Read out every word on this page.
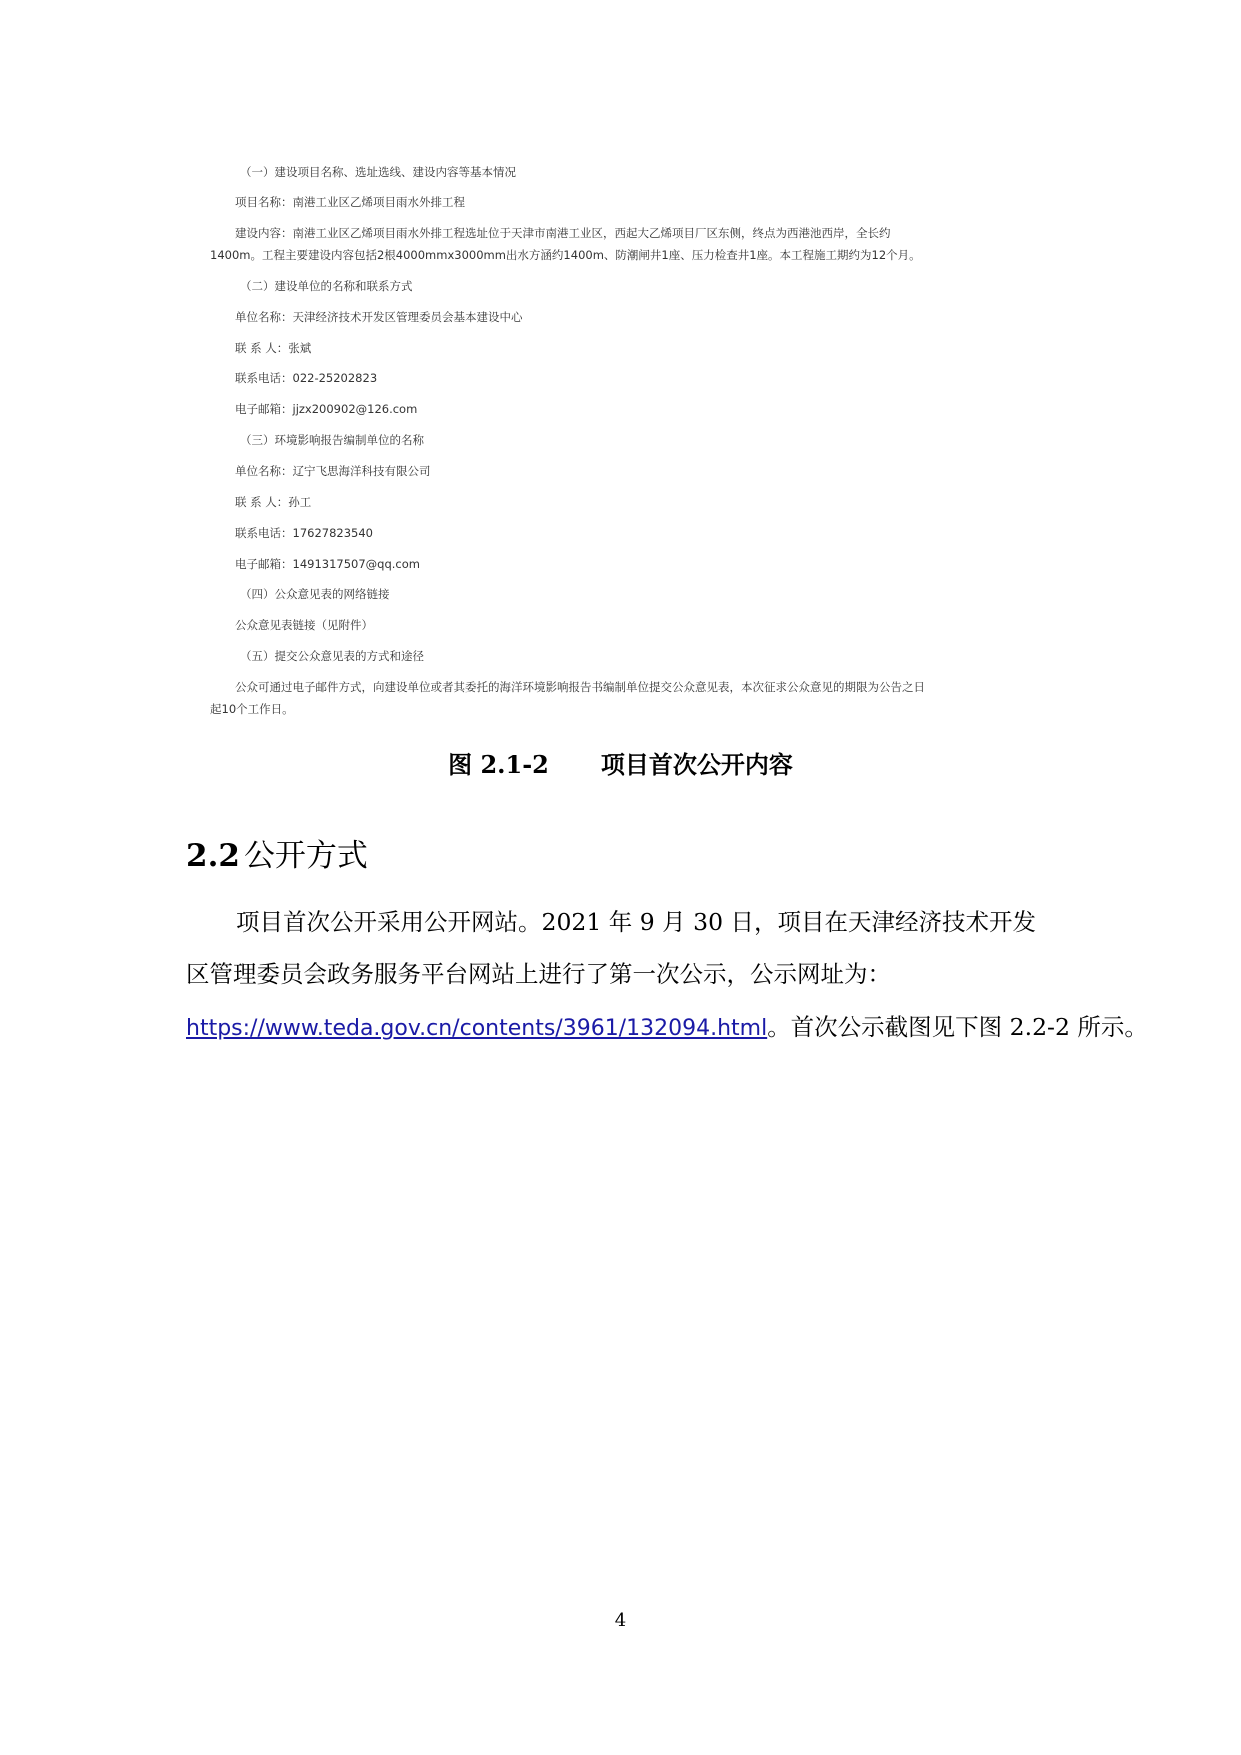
（一）建设项目名称、选址选线、建设内容等基本情况
项目名称：南港工业区乙烯项目雨水外排工程
建设内容：南港工业区乙烯项目雨水外排工程选址位于天津市南港工业区，西起大乙烯项目厂区东侧，终点为西港池西岸，全长约
1400m。工程主要建设内容包括2根4000mmx3000mm出水方涵约1400m、防潮闸井1座、压力检查井1座。本工程施工期约为12个月。
（二）建设单位的名称和联系方式
单位名称：天津经济技术开发区管理委员会基本建设中心
联 系 人：张斌
联系电话：022-25202823
电子邮箱：jjzx200902@126.com
（三）环境影响报告编制单位的名称
单位名称：辽宁飞思海洋科技有限公司
联 系 人：孙工
联系电话：17627823540
电子邮箱：1491317507@qq.com
（四）公众意见表的网络链接
公众意见表链接（见附件）
（五）提交公众意见表的方式和途径
公众可通过电子邮件方式，向建设单位或者其委托的海洋环境影响报告书编制单位提交公众意见表，本次征求公众意见的期限为公告之日
起10个工作日。
图 2.1-2 项目首次公开内容
2.2 公开方式
项目首次公开采用公开网站。2021 年 9 月 30 日，项目在天津经济技术开发
区管理委员会政务服务平台网站上进行了第一次公示，公示网址为：
https://www.teda.gov.cn/contents/3961/132094.html。首次公示截图见下图 2.2-2 所示。
4
